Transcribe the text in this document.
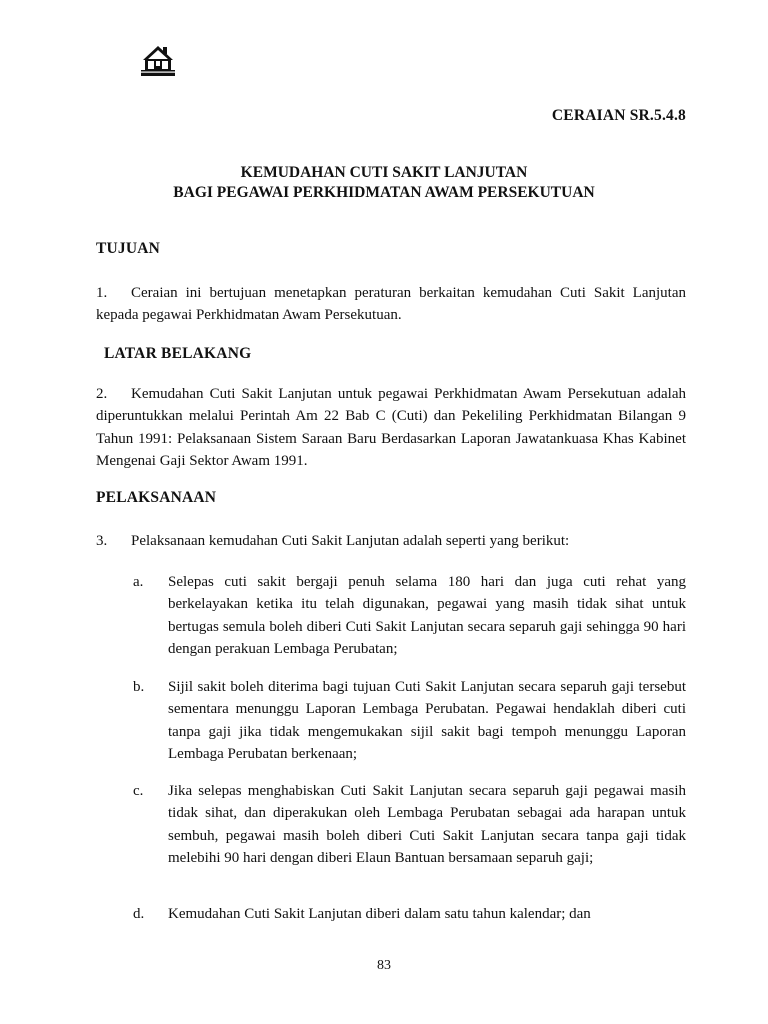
CERAIAN SR.5.4.8
KEMUDAHAN CUTI SAKIT LANJUTAN
BAGI PEGAWAI PERKHIDMATAN AWAM PERSEKUTUAN
TUJUAN
1. Ceraian ini bertujuan menetapkan peraturan berkaitan kemudahan Cuti Sakit Lanjutan kepada pegawai Perkhidmatan Awam Persekutuan.
LATAR BELAKANG
2. Kemudahan Cuti Sakit Lanjutan untuk pegawai Perkhidmatan Awam Persekutuan adalah diperuntukkan melalui Perintah Am 22 Bab C (Cuti) dan Pekeliling Perkhidmatan Bilangan 9 Tahun 1991: Pelaksanaan Sistem Saraan Baru Berdasarkan Laporan Jawatankuasa Khas Kabinet Mengenai Gaji Sektor Awam 1991.
PELAKSANAAN
3. Pelaksanaan kemudahan Cuti Sakit Lanjutan adalah seperti yang berikut:
a. Selepas cuti sakit bergaji penuh selama 180 hari dan juga cuti rehat yang berkelayakan ketika itu telah digunakan, pegawai yang masih tidak sihat untuk bertugas semula boleh diberi Cuti Sakit Lanjutan secara separuh gaji sehingga 90 hari dengan perakuan Lembaga Perubatan;
b. Sijil sakit boleh diterima bagi tujuan Cuti Sakit Lanjutan secara separuh gaji tersebut sementara menunggu Laporan Lembaga Perubatan. Pegawai hendaklah diberi cuti tanpa gaji jika tidak mengemukakan sijil sakit bagi tempoh menunggu Laporan Lembaga Perubatan berkenaan;
c. Jika selepas menghabiskan Cuti Sakit Lanjutan secara separuh gaji pegawai masih tidak sihat, dan diperakukan oleh Lembaga Perubatan sebagai ada harapan untuk sembuh, pegawai masih boleh diberi Cuti Sakit Lanjutan secara tanpa gaji tidak melebihi 90 hari dengan diberi Elaun Bantuan bersamaan separuh gaji;
d. Kemudahan Cuti Sakit Lanjutan diberi dalam satu tahun kalendar; dan
83
